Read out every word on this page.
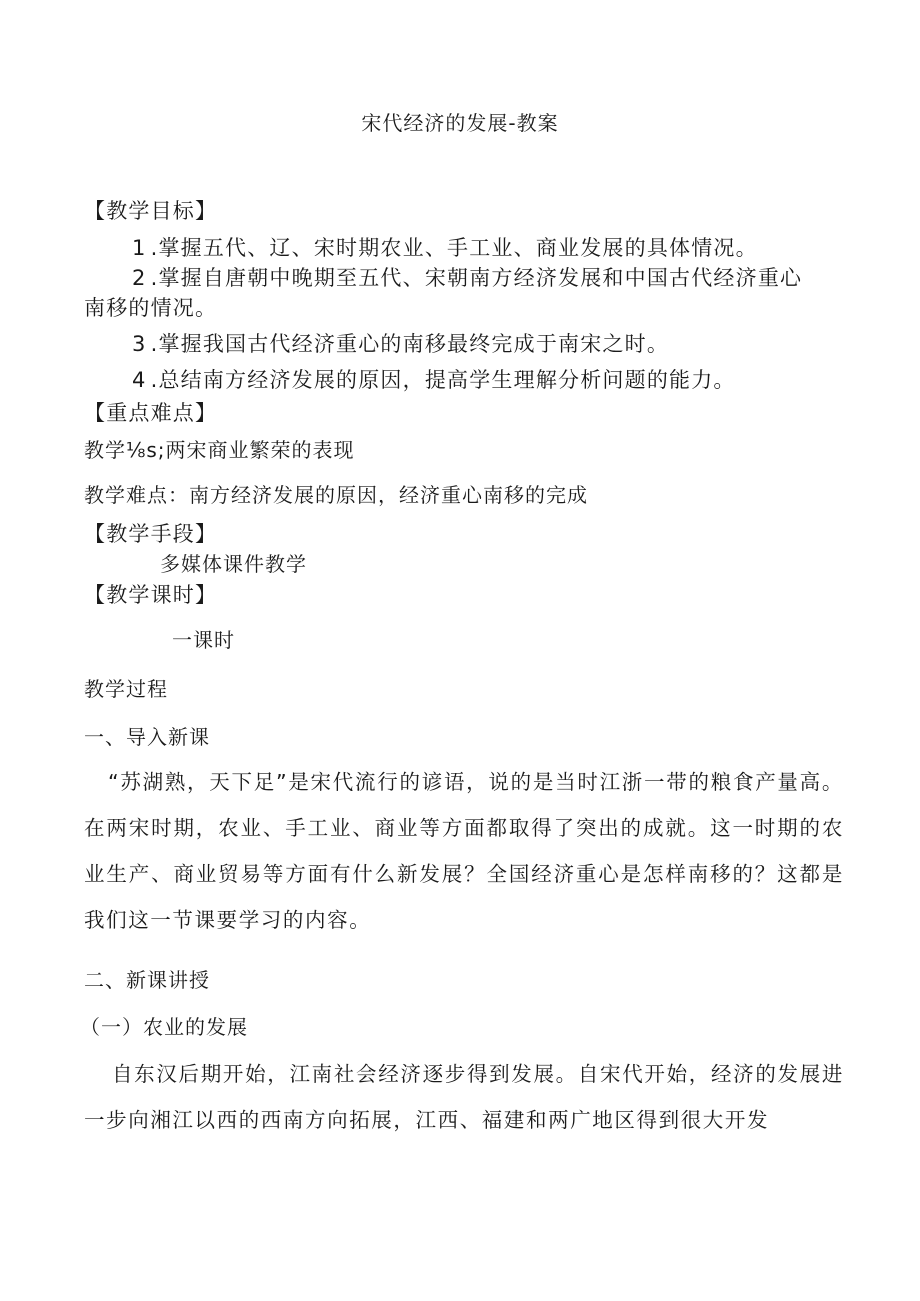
宋代经济的发展-教案
【教学目标】
1 .掌握五代、辽、宋时期农业、手工业、商业发展的具体情况。
2 .掌握自唐朝中晚期至五代、宋朝南方经济发展和中国古代经济重心
南移的情况。
3 .掌握我国古代经济重心的南移最终完成于南宋之时。
4 .总结南方经济发展的原因，提高学生理解分析问题的能力。
【重点难点】
教学⅛s;两宋商业繁荣的表现
教学难点：南方经济发展的原因，经济重心南移的完成
【教学手段】
多媒体课件教学
【教学课时】
一课时
教学过程
一、导入新课
“苏湖熟，天下足”是宋代流行的谚语，说的是当时江浙一带的粮食产量高。在两宋时期，农业、手工业、商业等方面都取得了突出的成就。这一时期的农业生产、商业贸易等方面有什么新发展？全国经济重心是怎样南移的？这都是我们这一节课要学习的内容。
二、新课讲授
（一）农业的发展
自东汉后期开始，江南社会经济逐步得到发展。自宋代开始，经济的发展进一步向湘江以西的西南方向拓展，江西、福建和两广地区得到很大开发
